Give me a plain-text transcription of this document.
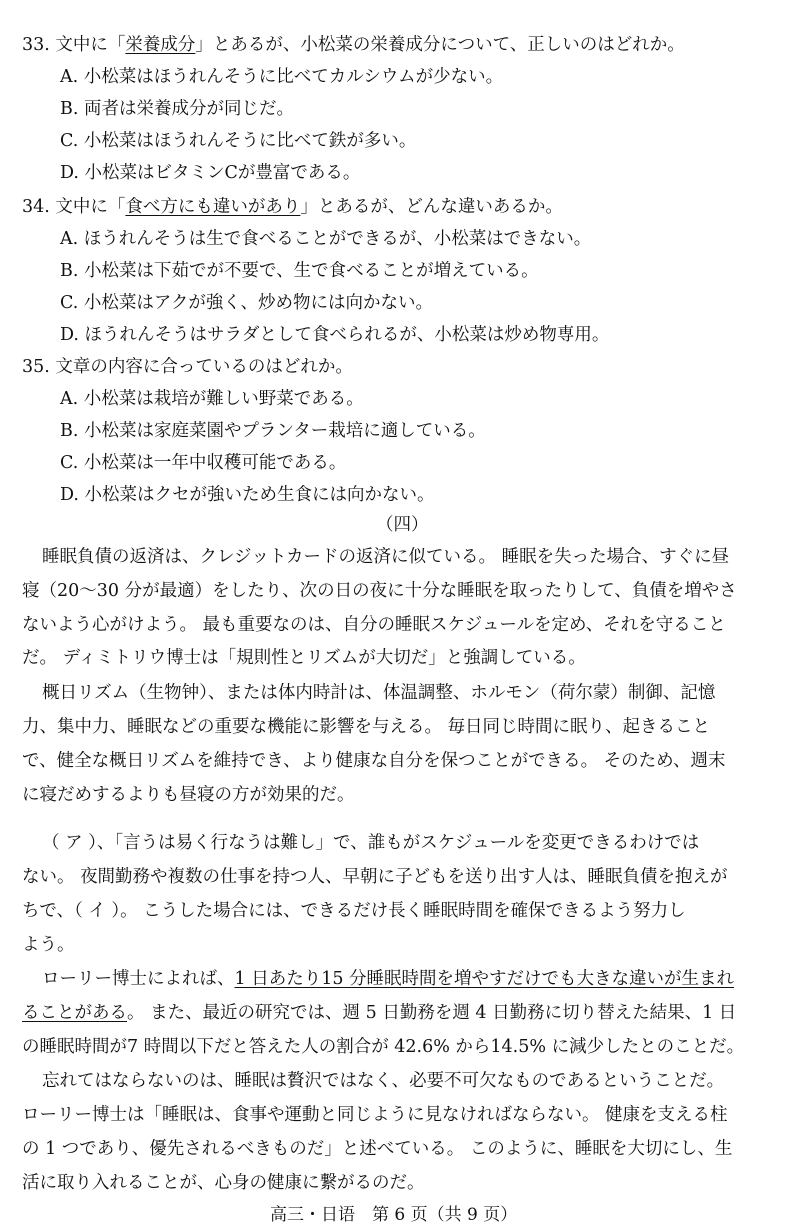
33. 文中に「栄養成分」とあるが、小松菜の栄養成分について、正しいのはどれか。
A. 小松菜はほうれんそうに比べてカルシウムが少ない。
B. 両者は栄養成分が同じだ。
C. 小松菜はほうれんそうに比べて鉄が多い。
D. 小松菜はビタミンCが豊富である。
34. 文中に「食べ方にも違いがあり」とあるが、どんな違いあるか。
A. ほうれんそうは生で食べることができるが、小松菜はできない。
B. 小松菜は下茹でが不要で、生で食べることが増えている。
C. 小松菜はアクが強く、炒め物には向かない。
D. ほうれんそうはサラダとして食べられるが、小松菜は炒め物専用。
35. 文章の内容に合っているのはどれか。
A. 小松菜は栽培が難しい野菜である。
B. 小松菜は家庭菜園やプランター栽培に適している。
C. 小松菜は一年中収穫可能である。
D. 小松菜はクセが強いため生食には向かない。
（四）
睡眠負債の返済は、クレジットカードの返済に似ている。 睡眠を失った場合、すぐに昼
寝（20～30 分が最適）をしたり、次の日の夜に十分な睡眠を取ったりして、負債を増やさ
ないよう心がけよう。 最も重要なのは、自分の睡眠スケジュールを定め、それを守ること
だ。 ディミトリウ博士は「規則性とリズムが大切だ」と強調している。
概日リズム（生物钟）、または体内時計は、体温調整、ホルモン（荷尔蒙）制御、記憶
力、集中力、睡眠などの重要な機能に影響を与える。 毎日同じ時間に眠り、起きること
で、健全な概日リズムを維持でき、より健康な自分を保つことができる。 そのため、週末
に寝だめするよりも昼寝の方が効果的だ。
（ ア ）、「言うは易く行なうは難し」で、誰もがスケジュールを変更できるわけでは
ない。 夜間勤務や複数の仕事を持つ人、早朝に子どもを送り出す人は、睡眠負債を抱えが
ちで、（ イ ）。 こうした場合には、できるだけ長く睡眠時間を確保できるよう努力し
よう。
ローリー博士によれば、1 日あたり15 分睡眠時間を増やすだけでも大きな違いが生まれ
ることがある。 また、最近の研究では、週 5 日勤務を週 4 日勤務に切り替えた結果、1 日
の睡眠時間が7 時間以下だと答えた人の割合が 42.6% から14.5% に減少したとのことだ。
忘れてはならないのは、睡眠は贅沢ではなく、必要不可欠なものであるということだ。
ローリー博士は「睡眠は、食事や運動と同じように見なければならない。 健康を支える柱
の 1 つであり、優先されるべきものだ」と述べている。 このように、睡眠を大切にし、生
活に取り入れることが、心身の健康に繋がるのだ。
高三・日语　第 6 页（共 9 页）
